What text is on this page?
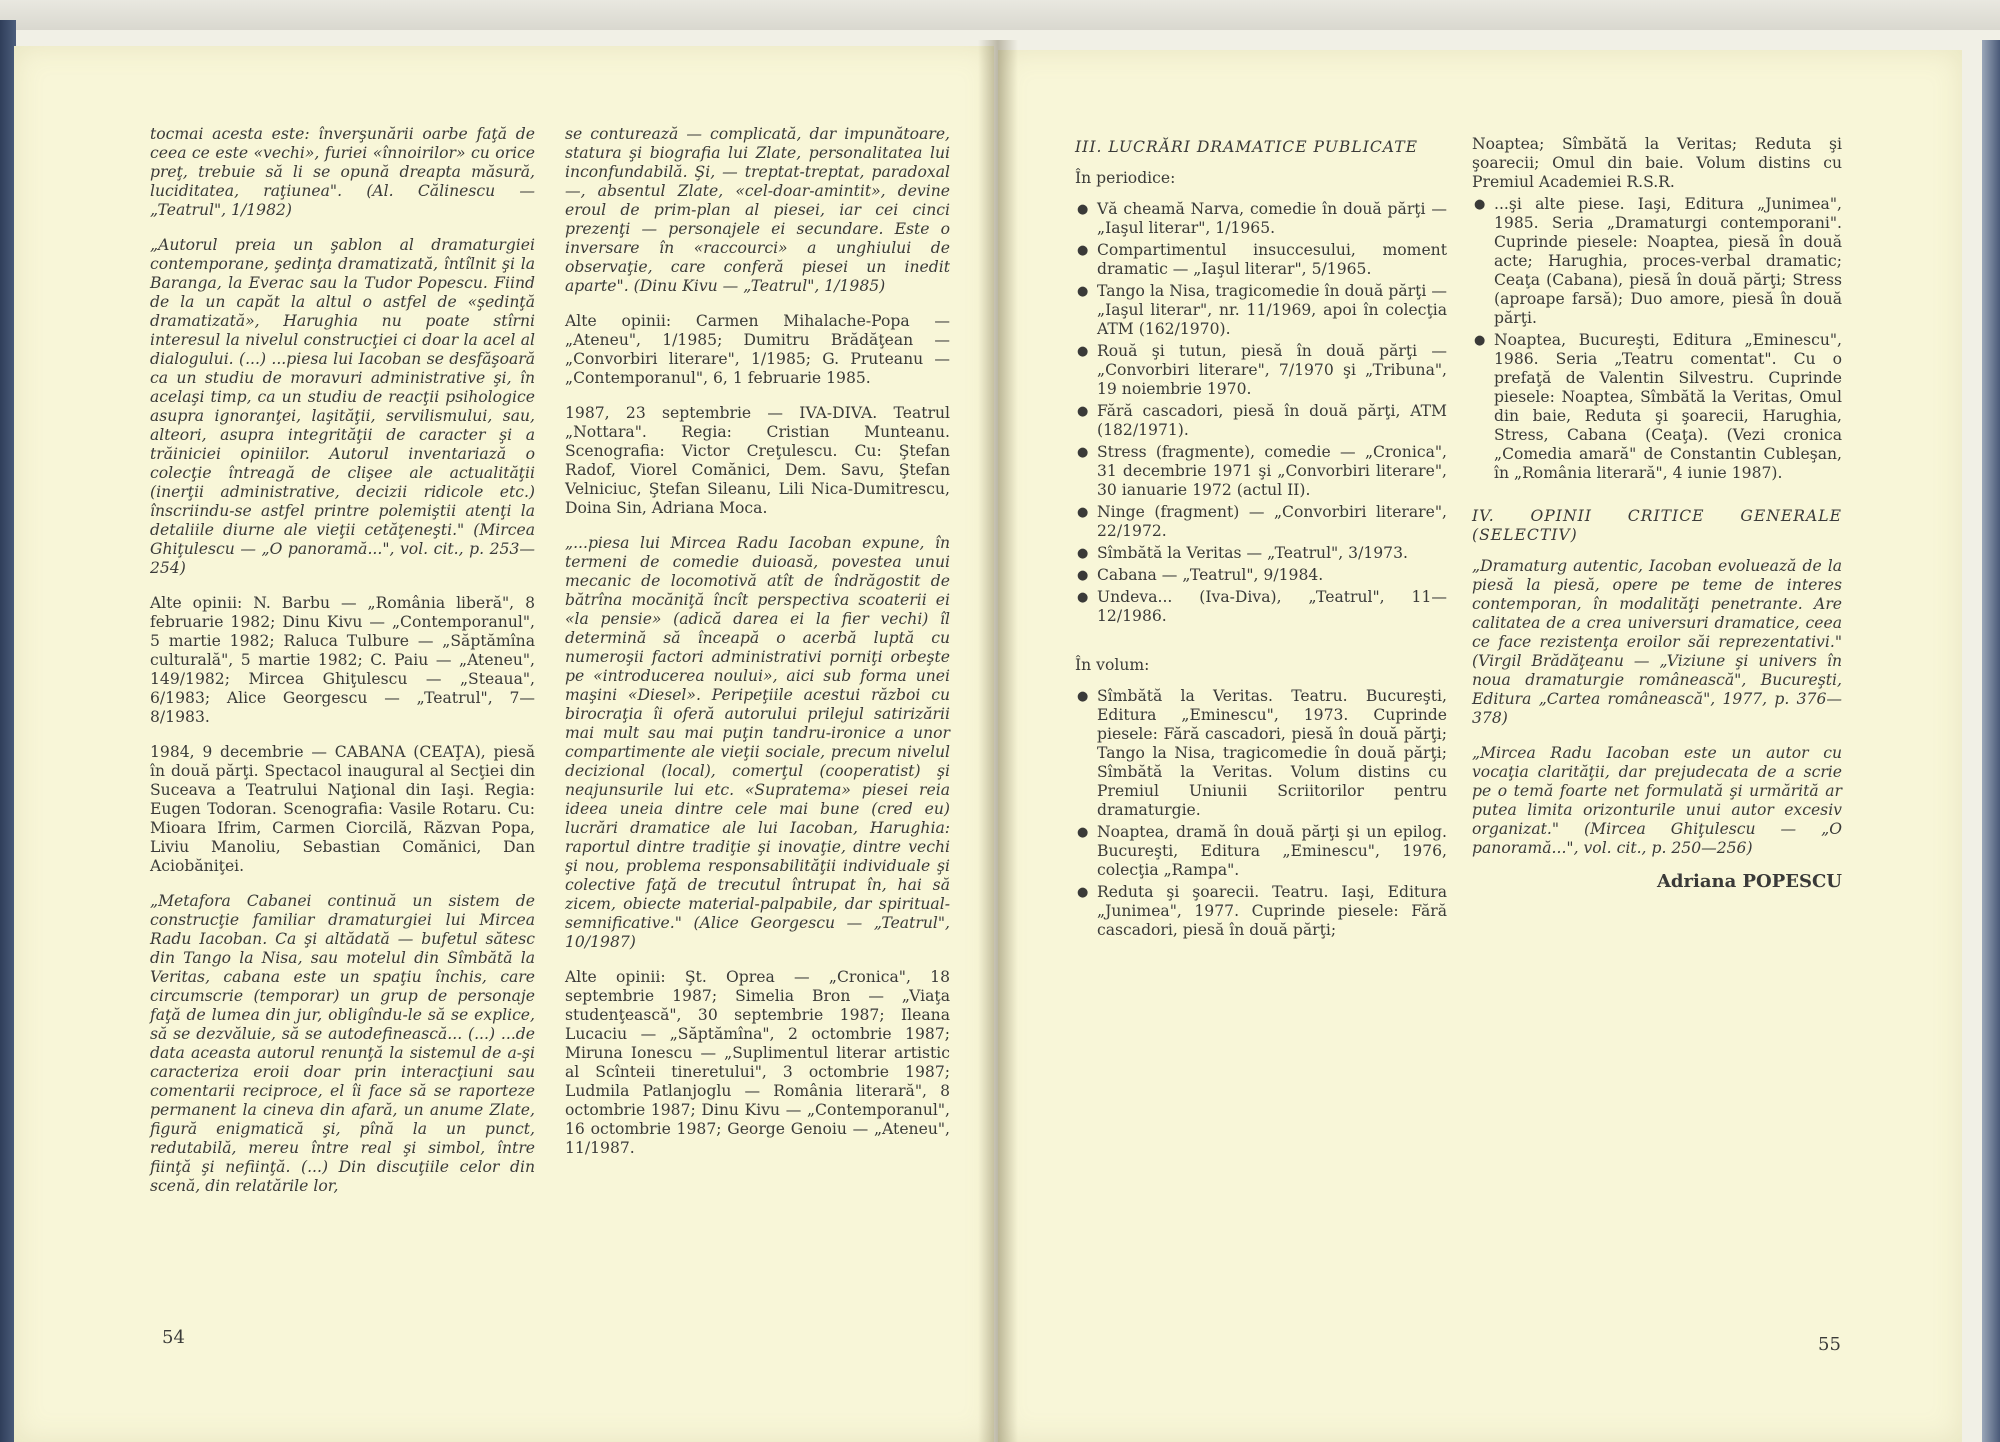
tocmai acesta este: înverşunării oarbe faţă de ceea ce este «vechi», furiei «înnoirilor» cu orice preţ, trebuie să li se opună dreapta măsură, luciditatea, raţiunea". (Al. Călinescu — „Teatrul", 1/1982)

„Autorul preia un şablon al dramaturgiei contemporane, şedinţa dramatizată, întîlnit şi la Baranga, la Everac sau la Tudor Popescu. Fiind de la un capăt la altul o astfel de «şedinţă dramatizată», Harughia nu poate stîrni interesul la nivelul construcţiei ci doar la acel al dialogului. (...) ...piesa lui Iacoban se desfăşoară ca un studiu de moravuri administrative şi, în acelaşi timp, ca un studiu de reacţii psihologice asupra ignoranţei, laşităţii, servilismului, sau, alteori, asupra integrităţii de caracter şi a trăiniciei opiniilor. Autorul inventariază o colecţie întreagă de clişee ale actualităţii (inerţii administrative, decizii ridicole etc.) înscriindu-se astfel printre polemiştii atenţi la detaliile diurne ale vieţii cetăţeneşti." (Mircea Ghiţulescu — „O panoramă...", vol. cit., p. 253—254)

Alte opinii: N. Barbu — „România liberă", 8 februarie 1982; Dinu Kivu — „Contemporanul", 5 martie 1982; Raluca Tulbure — „Săptămîna culturală", 5 martie 1982; C. Paiu — „Ateneu", 149/1982; Mircea Ghiţulescu — „Steaua", 6/1983; Alice Georgescu — „Teatrul", 7—8/1983.

1984, 9 decembrie — CABANA (CEAŢA), piesă în două părţi. Spectacol inaugural al Secţiei din Suceava a Teatrului Naţional din Iaşi. Regia: Eugen Todoran. Scenografia: Vasile Rotaru. Cu: Mioara Ifrim, Carmen Ciorcilă, Răzvan Popa, Liviu Manoliu, Sebastian Comănici, Dan Aciobăniţei.

„Metafora Cabanei continuă un sistem de construcţie familiar dramaturgiei lui Mircea Radu Iacoban. Ca şi altădată — bufetul sătesc din Tango la Nisa, sau motelul din Sîmbătă la Veritas, cabana este un spaţiu închis, care circumscrie (temporar) un grup de personaje faţă de lumea din jur, obligîndu-le să se explice, să se dezvăluie, să se autodefinească... (...) ...de data aceasta autorul renunţă la sistemul de a-şi caracteriza eroii doar prin interacţiuni sau comentarii reciproce, el îi face să se raporteze permanent la cineva din afară, un anume Zlate, figură enigmatică şi, pînă la un punct, redutabilă, mereu între real şi simbol, între fiinţă şi nefiinţă. (...) Din discuţiile celor din scenă, din relatările lor,

se conturează — complicată, dar impunătoare, statura şi biografia lui Zlate, personalitatea lui inconfundabilă. Şi, — treptat-treptat, paradoxal —, absentul Zlate, «cel-doar-amintit», devine eroul de prim-plan al piesei, iar cei cinci prezenţi — personajele ei secundare. Este o inversare în «raccourci» a unghiului de observaţie, care conferă piesei un inedit aparte". (Dinu Kivu — „Teatrul", 1/1985)

Alte opinii: Carmen Mihalache-Popa — „Ateneu", 1/1985; Dumitru Brădăţean — „Convorbiri literare", 1/1985; G. Pruteanu — „Contemporanul", 6, 1 februarie 1985.

1987, 23 septembrie — IVA-DIVA. Teatrul „Nottara". Regia: Cristian Munteanu. Scenografia: Victor Creţulescu. Cu: Ştefan Radof, Viorel Comănici, Dem. Savu, Ştefan Velniciuc, Ştefan Sileanu, Lili Nica-Dumitrescu, Doina Sin, Adriana Moca.

„...piesa lui Mircea Radu Iacoban expune, în termeni de comedie duioasă, povestea unui mecanic de locomotivă atît de îndrăgostit de bătrîna mocăniţă încît perspectiva scoaterii ei «la pensie» (adică darea ei la fier vechi) îl determină să înceapă o acerbă luptă cu numeroşii factori administrativi porniţi orbeşte pe «introducerea noului», aici sub forma unei maşini «Diesel». Peripeţiile acestui război cu birocraţia îi oferă autorului prilejul satirizării mai mult sau mai puţin tandru-ironice a unor compartimente ale vieţii sociale, precum nivelul decizional (local), comerţul (cooperatist) şi neajunsurile lui etc. «Supratema» piesei reia ideea uneia dintre cele mai bune (cred eu) lucrări dramatice ale lui Iacoban, Harughia: raportul dintre tradiţie şi inovaţie, dintre vechi şi nou, problema responsabilităţii individuale şi colective faţă de trecutul întrupat în, hai să zicem, obiecte material-palpabile, dar spiritual-semnificative." (Alice Georgescu — „Teatrul", 10/1987)

Alte opinii: Şt. Oprea — „Cronica", 18 septembrie 1987; Simelia Bron — „Viaţa studenţească", 30 septembrie 1987; Ileana Lucaciu — „Săptămîna", 2 octombrie 1987; Miruna Ionescu — „Suplimentul literar artistic al Scînteii tineretului", 3 octombrie 1987; Ludmila Patlanjoglu — România literară", 8 octombrie 1987; Dinu Kivu — „Contemporanul", 16 octombrie 1987; George Genoiu — „Ateneu", 11/1987.

54
III. LUCRĂRI DRAMATICE PUBLICATE
În periodice:
● Vă cheamă Narva, comedie în două părţi — „Iaşul literar", 1/1965.
● Compartimentul insuccesului, moment dramatic — „Iaşul literar", 5/1965.
● Tango la Nisa, tragicomedie în două părţi — „Iaşul literar", nr. 11/1969, apoi în colecţia ATM (162/1970).
● Rouă şi tutun, piesă în două părţi — „Convorbiri literare", 7/1970 şi „Tribuna", 19 noiembrie 1970.
● Fără cascadori, piesă în două părţi, ATM (182/1971).
● Stress (fragmente), comedie — „Cronica", 31 decembrie 1971 şi „Convorbiri literare", 30 ianuarie 1972 (actul II).
● Ninge (fragment) — „Convorbiri literare", 22/1972.
● Sîmbătă la Veritas — „Teatrul", 3/1973.
● Cabana — „Teatrul", 9/1984.
● Undeva... (Iva-Diva), „Teatrul", 11—12/1986.
În volum:
● Sîmbătă la Veritas. Teatru. Bucureşti, Editura „Eminescu", 1973. Cuprinde piesele: Fără cascadori, piesă în două părţi; Tango la Nisa, tragicomedie în două părţi; Sîmbătă la Veritas. Volum distins cu Premiul Uniunii Scriitorilor pentru dramaturgie.
● Noaptea, dramă în două părţi şi un epilog. Bucureşti, Editura „Eminescu", 1976, colecţia „Rampa".
● Reduta şi şoarecii. Teatru. Iaşi, Editura „Junimea", 1977. Cuprinde piesele: Fără cascadori, piesă în două părţi;

Noaptea; Sîmbătă la Veritas; Reduta şi şoarecii; Omul din baie. Volum distins cu Premiul Academiei R.S.R.

● ...şi alte piese. Iaşi, Editura „Junimea", 1985. Seria „Dramaturgi contemporani". Cuprinde piesele: Noaptea, piesă în două acte; Harughia, proces-verbal dramatic; Ceaţa (Cabana), piesă în două părţi; Stress (aproape farsă); Duo amore, piesă în două părţi.
● Noaptea, Bucureşti, Editura „Eminescu", 1986. Seria „Teatru comentat". Cu o prefaţă de Valentin Silvestru. Cuprinde piesele: Noaptea, Sîmbătă la Veritas, Omul din baie, Reduta şi şoarecii, Harughia, Stress, Cabana (Ceaţa). (Vezi cronica „Comedia amară" de Constantin Cubleşan, în „România literară", 4 iunie 1987).
IV. OPINII CRITICE GENERALE (SELECTIV)

„Dramaturg autentic, Iacoban evoluează de la piesă la piesă, opere pe teme de interes contemporan, în modalităţi penetrante. Are calitatea de a crea universuri dramatice, ceea ce face rezistenţa eroilor săi reprezentativi." (Virgil Brădăţeanu — „Viziune şi univers în noua dramaturgie românească", Bucureşti, Editura „Cartea românească", 1977, p. 376—378)

„Mircea Radu Iacoban este un autor cu vocaţia clarităţii, dar prejudecata de a scrie pe o temă foarte net formulată şi urmărită ar putea limita orizonturile unui autor excesiv organizat." (Mircea Ghiţulescu — „O panoramă...", vol. cit., p. 250—256)

Adriana POPESCU
55
